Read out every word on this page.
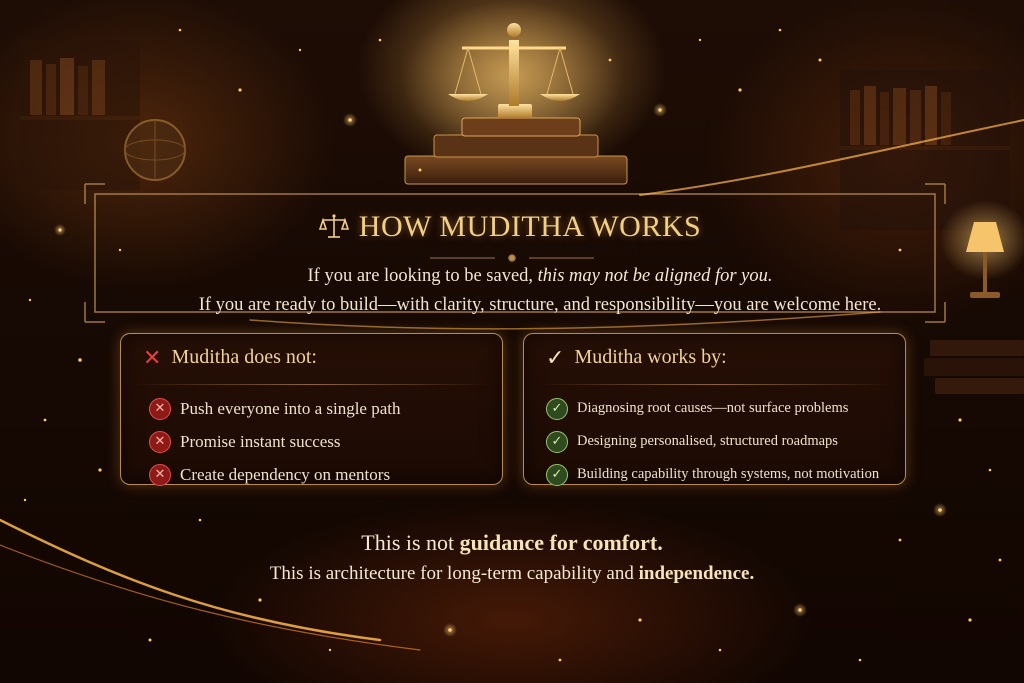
HOW MUDITHA WORKS
If you are looking to be saved, this may not be aligned for you.
If you are ready to build—with clarity, structure, and responsibility—you are welcome here.
✕ Muditha does not:
✕ Push everyone into a single path
✕ Promise instant success
✕ Create dependency on mentors
✓ Muditha works by:
✓	Diagnosing root causes—not surface problems
✓	Designing personalised, structured roadmaps
✓	Building capability through systems, not motivation
This is not guidance for comfort.
This is architecture for long-term capability and independence.
